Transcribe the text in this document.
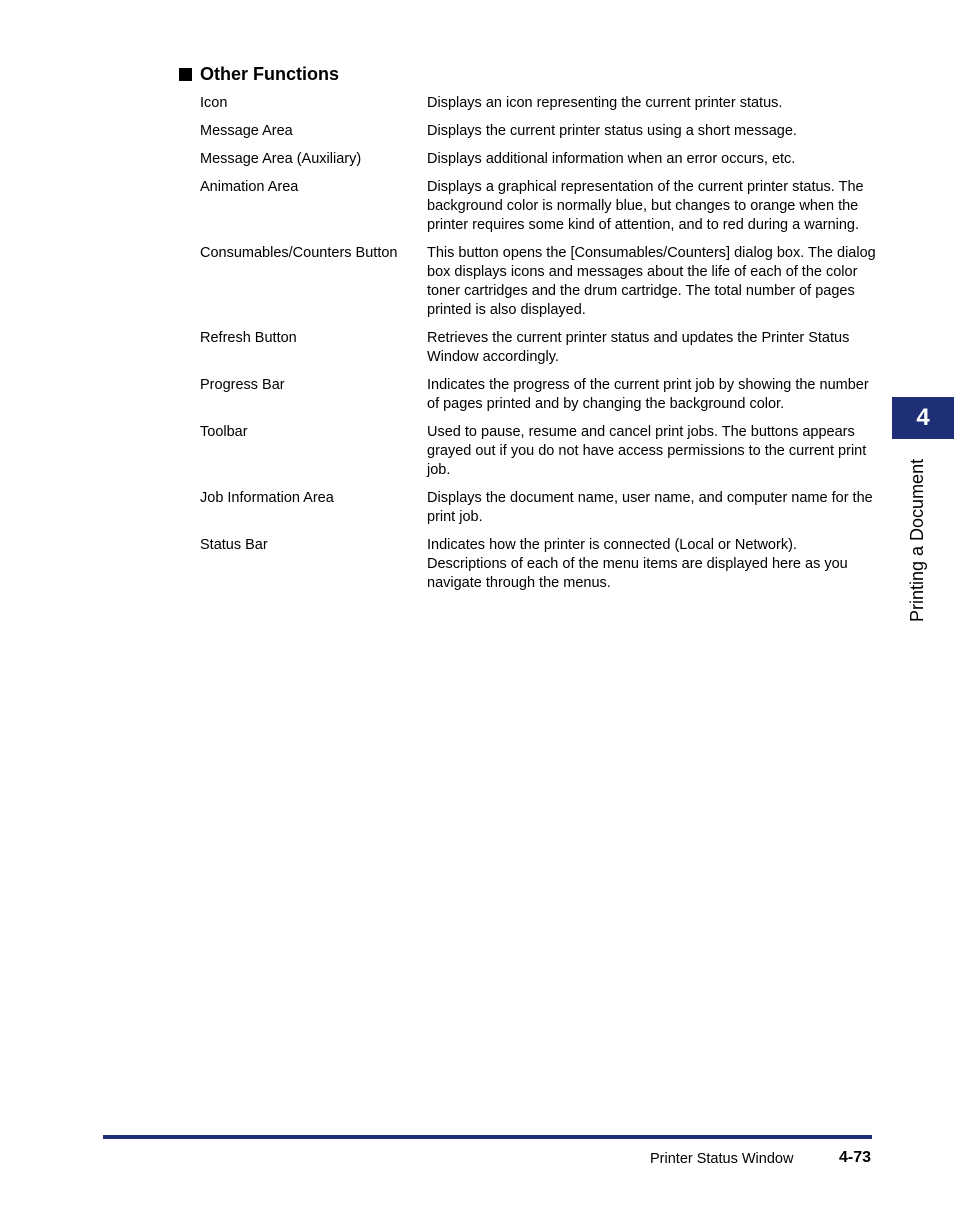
Other Functions
Icon	Displays an icon representing the current printer status.
Message Area	Displays the current printer status using a short message.
Message Area (Auxiliary)	Displays additional information when an error occurs, etc.
Animation Area	Displays a graphical representation of the current printer status. The background color is normally blue, but changes to orange when the printer requires some kind of attention, and to red during a warning.
Consumables/Counters Button	This button opens the [Consumables/Counters] dialog box. The dialog box displays icons and messages about the life of each of the color toner cartridges and the drum cartridge. The total number of pages printed is also displayed.
Refresh Button	Retrieves the current printer status and updates the Printer Status Window accordingly.
Progress Bar	Indicates the progress of the current print job by showing the number of pages printed and by changing the background color.
Toolbar	Used to pause, resume and cancel print jobs. The buttons appears grayed out if you do not have access permissions to the current print job.
Job Information Area	Displays the document name, user name, and computer name for the print job.
Status Bar	Indicates how the printer is connected (Local or Network). Descriptions of each of the menu items are displayed here as you navigate through the menus.
4
Printing a Document
Printer Status Window	4-73
